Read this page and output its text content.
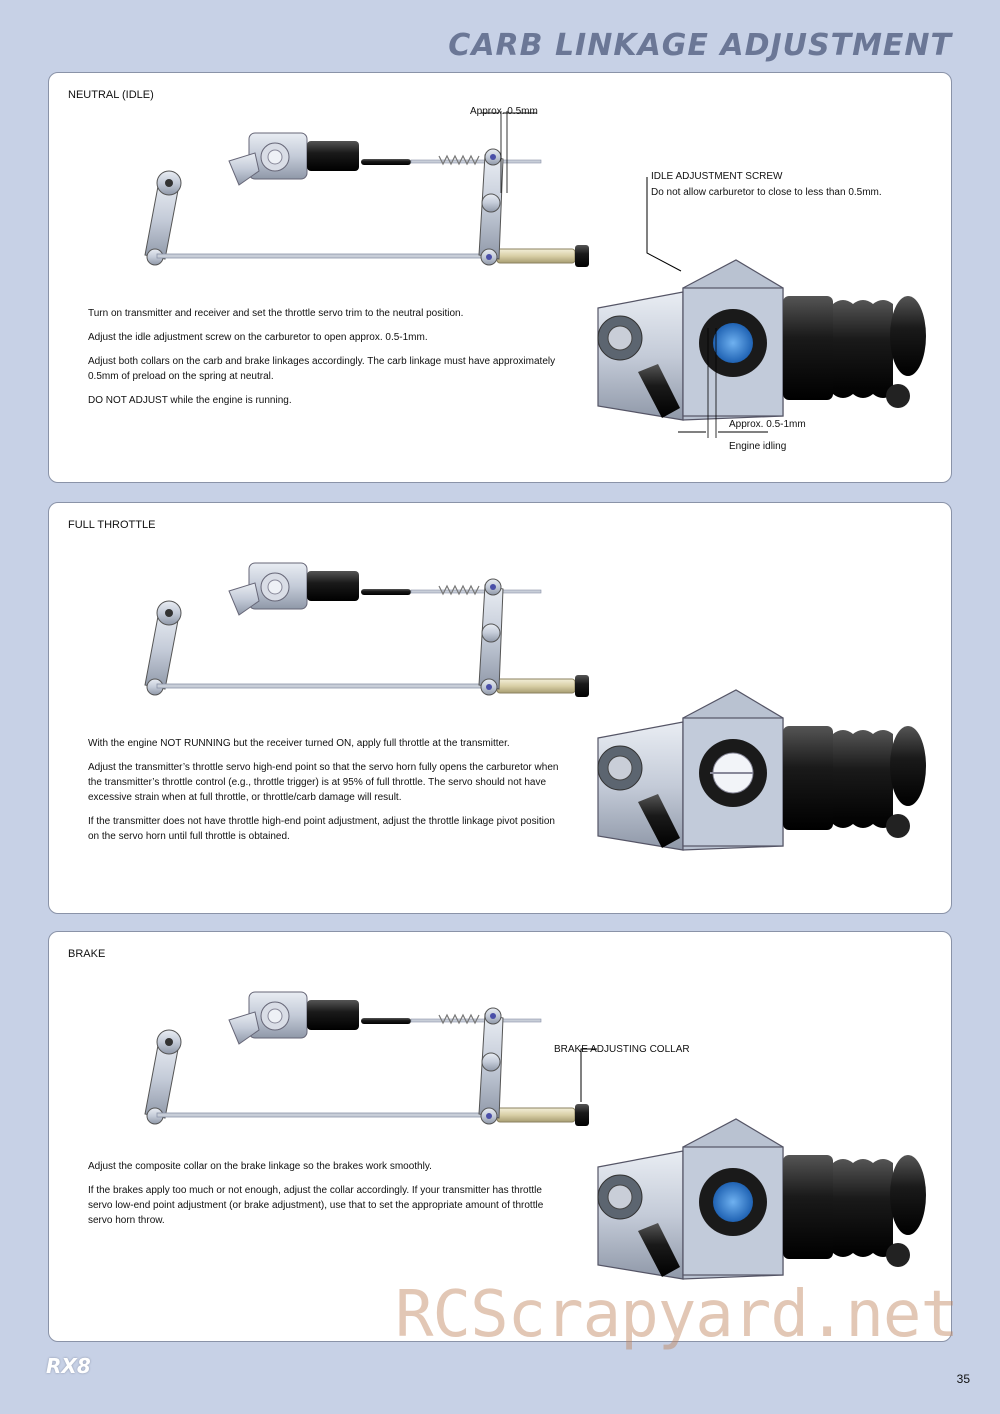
CARB LINKAGE ADJUSTMENT
NEUTRAL (IDLE)
Approx. 0.5mm
IDLE ADJUSTMENT SCREW
Do not allow carburetor to close to less than 0.5mm.
Approx. 0.5-1mm
Engine idling

Turn on transmitter and receiver and set the throttle servo trim to the neutral position.

Adjust the idle adjustment screw on the carburetor to open approx. 0.5-1mm.

Adjust both collars on the carb and brake linkages accordingly. The carb linkage must have approximately 0.5mm of preload on the spring at neutral.

DO NOT ADJUST while the engine is running.

FULL THROTTLE

With the engine NOT RUNNING but the receiver turned ON, apply full throttle at the transmitter.

Adjust the transmitter’s throttle servo high-end point so that the servo horn fully opens the carburetor when the transmitter’s throttle control (e.g., throttle trigger) is at 95% of full throttle. The servo should not have excessive strain when at full throttle, or throttle/carb damage will result.

If the transmitter does not have throttle high-end point adjustment, adjust the throttle linkage pivot position on the servo horn until full throttle is obtained.

BRAKE
BRAKE ADJUSTING COLLAR

Adjust the composite collar on the brake linkage so the brakes work smoothly.

If the brakes apply too much or not enough, adjust the collar accordingly. If your transmitter has throttle servo low-end point adjustment (or brake adjustment), use that to set the appropriate amount of throttle servo horn throw.

RCScrapyard.net
RX8
35
